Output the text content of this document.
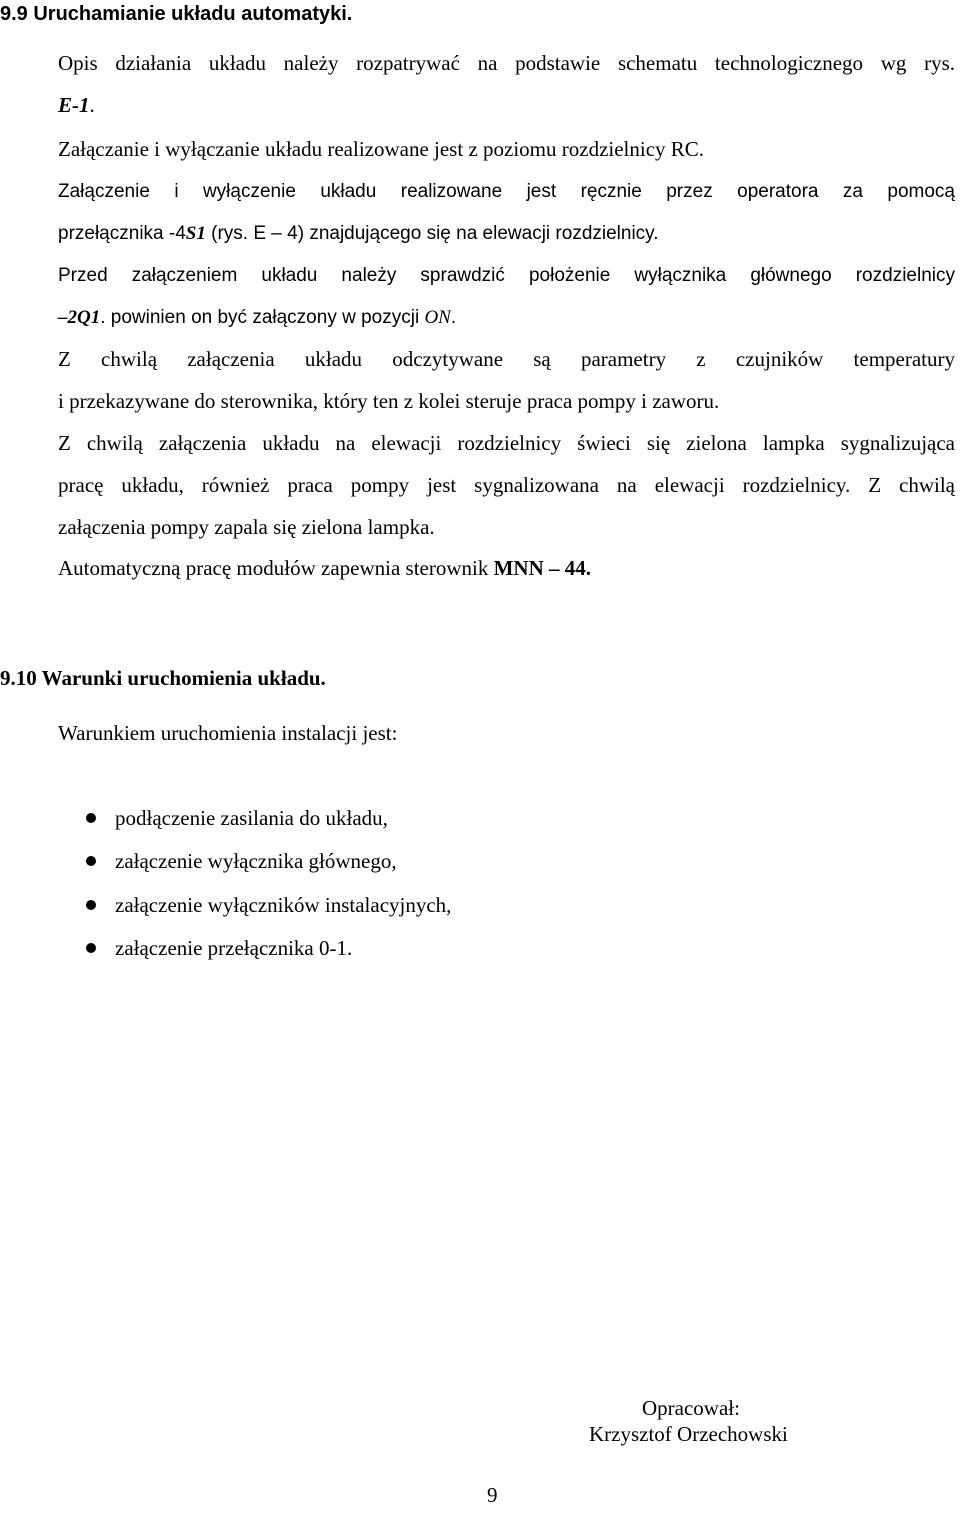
9.9 Uruchamianie układu automatyki.
Opis działania układu należy rozpatrywać na podstawie schematu technologicznego wg rys.
E-1.
Załączanie i wyłączanie układu realizowane jest z poziomu rozdzielnicy RC.
Załączenie i wyłączenie układu realizowane jest ręcznie przez operatora za pomocą
przełącznika -4S1 (rys. E – 4) znajdującego się na elewacji rozdzielnicy.
Przed załączeniem układu należy sprawdzić położenie wyłącznika głównego rozdzielnicy
–2Q1. powinien on być załączony w pozycji ON.
Z chwilą załączenia układu odczytywane są parametry z czujników temperatury
i przekazywane do sterownika, który ten z kolei steruje praca pompy i zaworu.
Z chwilą załączenia układu na elewacji rozdzielnicy świeci się zielona lampka sygnalizująca
pracę układu, również praca pompy jest sygnalizowana na elewacji rozdzielnicy. Z chwilą
załączenia pompy zapala się zielona lampka.
Automatyczną pracę modułów zapewnia sterownik MNN – 44.
9.10 Warunki uruchomienia układu.
Warunkiem uruchomienia instalacji jest:
podłączenie zasilania do układu,
załączenie wyłącznika głównego,
załączenie wyłączników instalacyjnych,
załączenie przełącznika 0-1.
Opracował:
Krzysztof Orzechowski
9
